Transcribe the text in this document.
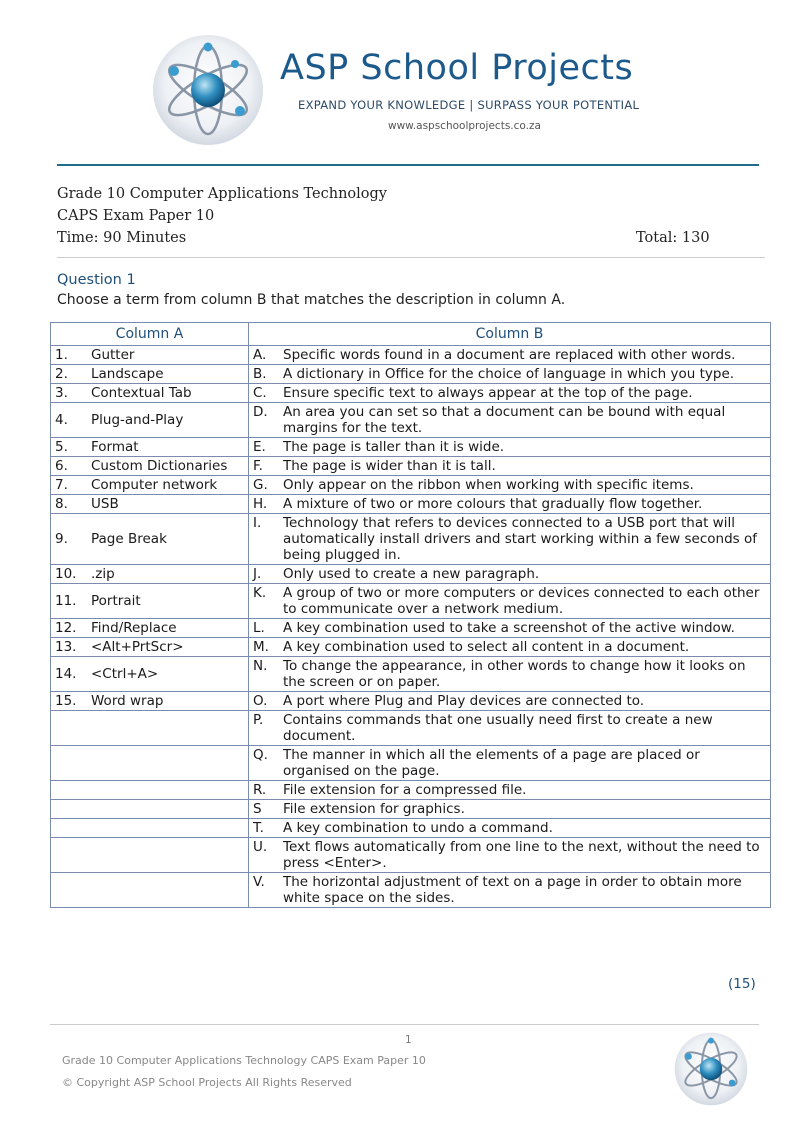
ASP School Projects
EXPAND YOUR KNOWLEDGE | SURPASS YOUR POTENTIAL
www.aspschoolprojects.co.za
Grade 10 Computer Applications Technology
CAPS Exam Paper 10
Time: 90 Minutes	Total: 130
Question 1
Choose a term from column B that matches the description in column A.
Column A	Column B

1. Gutter	A. Specific words found in a document are replaced with other words.

2. Landscape	B. A dictionary in Office for the choice of language in which you type.

3. Contextual Tab	C. Ensure specific text to always appear at the top of the page.

4. Plug-and-Play	D. An area you can set so that a document can be bound with equal margins for the text.

5. Format	E. The page is taller than it is wide.

6. Custom Dictionaries	F. The page is wider than it is tall.

7. Computer network	G. Only appear on the ribbon when working with specific items.

8. USB	H. A mixture of two or more colours that gradually flow together.

9. Page Break	I. Technology that refers to devices connected to a USB port that will automatically install drivers and start working within a few seconds of being plugged in.

10. .zip	J. Only used to create a new paragraph.

11. Portrait	K. A group of two or more computers or devices connected to each other to communicate over a network medium.

12. Find/Replace	L. A key combination used to take a screenshot of the active window.

13. <Alt+PrtScr>	M. A key combination used to select all content in a document.

14. <Ctrl+A>	N. To change the appearance, in other words to change how it looks on the screen or on paper.

15. Word wrap	O. A port where Plug and Play devices are connected to.

	P. Contains commands that one usually need first to create a new document.

	Q. The manner in which all the elements of a page are placed or organised on the page.

	R. File extension for a compressed file.

	S File extension for graphics.

	T. A key combination to undo a command.

	U. Text flows automatically from one line to the next, without the need to press <Enter>.

	V. The horizontal adjustment of text on a page in order to obtain more white space on the sides.
(15)
1
Grade 10 Computer Applications Technology CAPS Exam Paper 10
© Copyright ASP School Projects All Rights Reserved
